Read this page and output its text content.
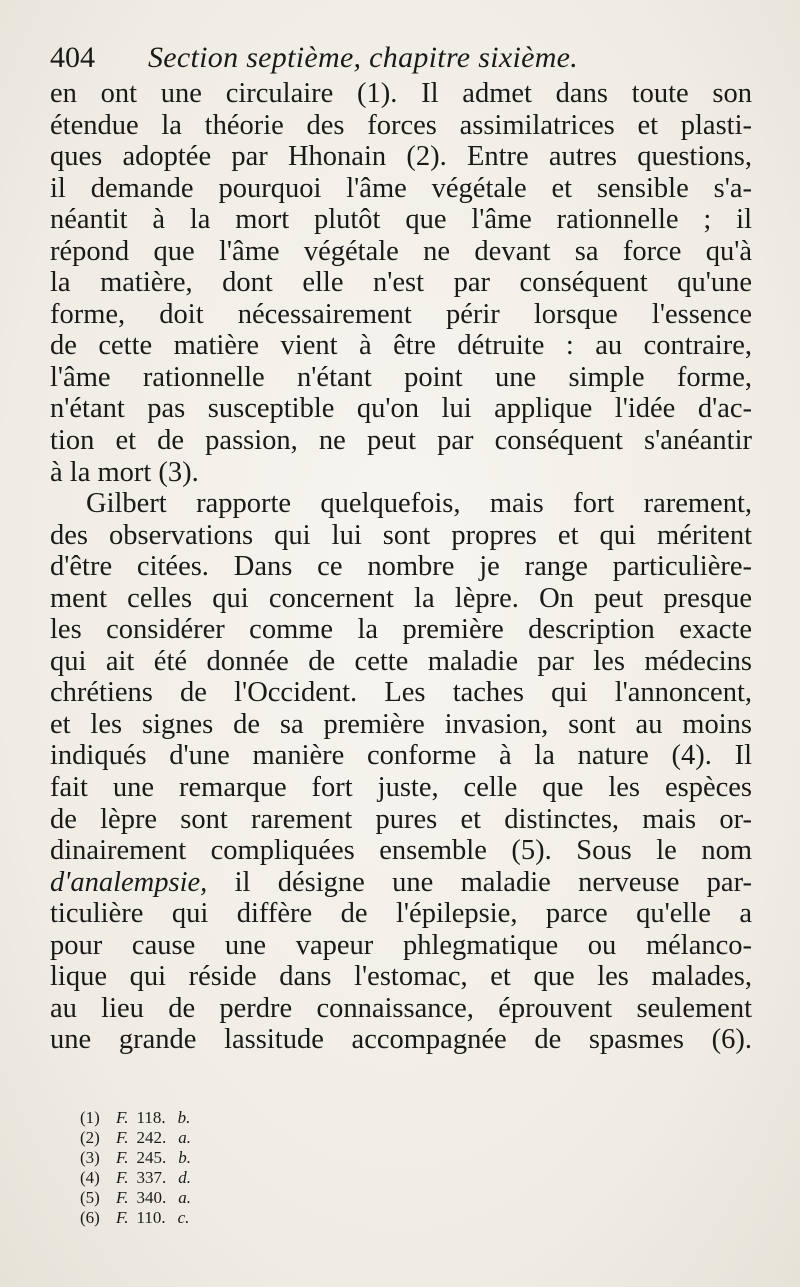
404 Section septième, chapitre sixième.
en ont une circulaire (1). Il admet dans toute son
étendue la théorie des forces assimilatrices et plasti-
ques adoptée par Hhonain (2). Entre autres questions,
il demande pourquoi l'âme végétale et sensible s'a-
néantit à la mort plutôt que l'âme rationnelle ; il
répond que l'âme végétale ne devant sa force qu'à
la matière, dont elle n'est par conséquent qu'une
forme, doit nécessairement périr lorsque l'essence
de cette matière vient à être détruite : au contraire,
l'âme rationnelle n'étant point une simple forme,
n'étant pas susceptible qu'on lui applique l'idée d'ac-
tion et de passion, ne peut par conséquent s'anéantir
à la mort (3).
Gilbert rapporte quelquefois, mais fort rarement,
des observations qui lui sont propres et qui méritent
d'être citées. Dans ce nombre je range particulière-
ment celles qui concernent la lèpre. On peut presque
les considérer comme la première description exacte
qui ait été donnée de cette maladie par les médecins
chrétiens de l'Occident. Les taches qui l'annoncent,
et les signes de sa première invasion, sont au moins
indiqués d'une manière conforme à la nature (4). Il
fait une remarque fort juste, celle que les espèces
de lèpre sont rarement pures et distinctes, mais or-
dinairement compliquées ensemble (5). Sous le nom
d'analempsie, il désigne une maladie nerveuse par-
ticulière qui diffère de l'épilepsie, parce qu'elle a
pour cause une vapeur phlegmatique ou mélanco-
lique qui réside dans l'estomac, et que les malades,
au lieu de perdre connaissance, éprouvent seulement
une grande lassitude accompagnée de spasmes (6).
(1) F. 118. b.
(2) F. 242. a.
(3) F. 245. b.
(4) F. 337. d.
(5) F. 340. a.
(6) F. 110. c.
